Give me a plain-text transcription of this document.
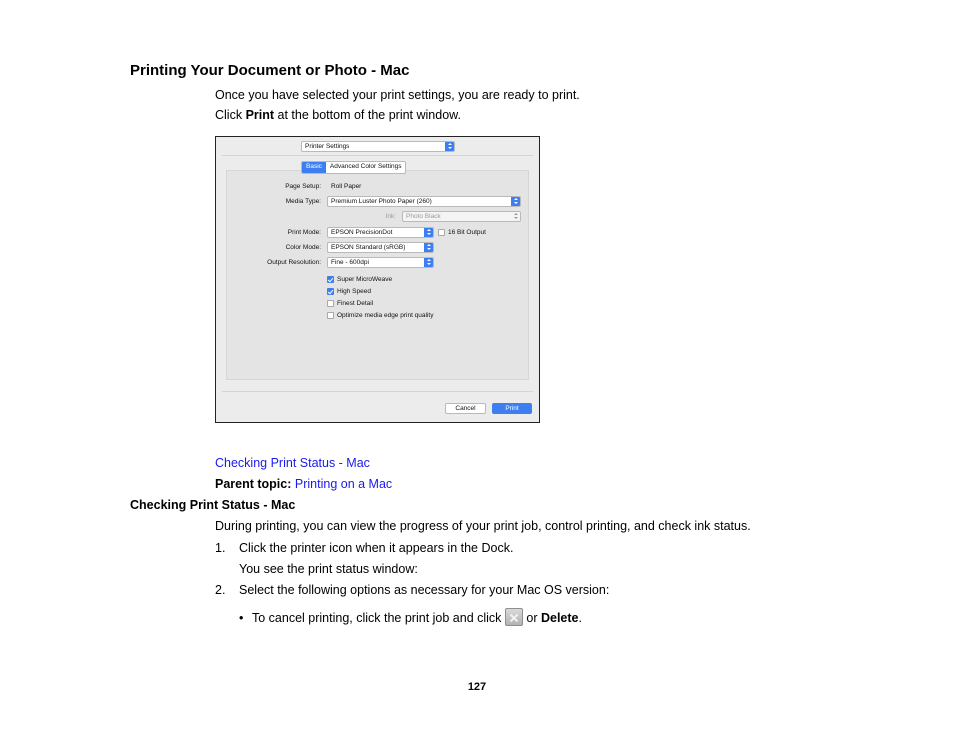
Printing Your Document or Photo - Mac
Once you have selected your print settings, you are ready to print.
Click Print at the bottom of the print window.
Printer Settings
Basic	Advanced Color Settings
Page Setup: Roll Paper
Media Type:	Premium Luster Photo Paper (260)
Ink:	Photo Black
Print Mode:	EPSON PrecisionDot	16 Bit Output
Color Mode:	EPSON Standard (sRGB)
Output Resolution:	Fine - 600dpi
Super MicroWeave
High Speed
Finest Detail
Optimize media edge print quality
Cancel	Print
Checking Print Status - Mac
Parent topic: Printing on a Mac
Checking Print Status - Mac
During printing, you can view the progress of your print job, control printing, and check ink status.
1. Click the printer icon when it appears in the Dock.
You see the print status window:
2. Select the following options as necessary for your Mac OS version:
• To cancel printing, click the print job and click  or Delete.
127
